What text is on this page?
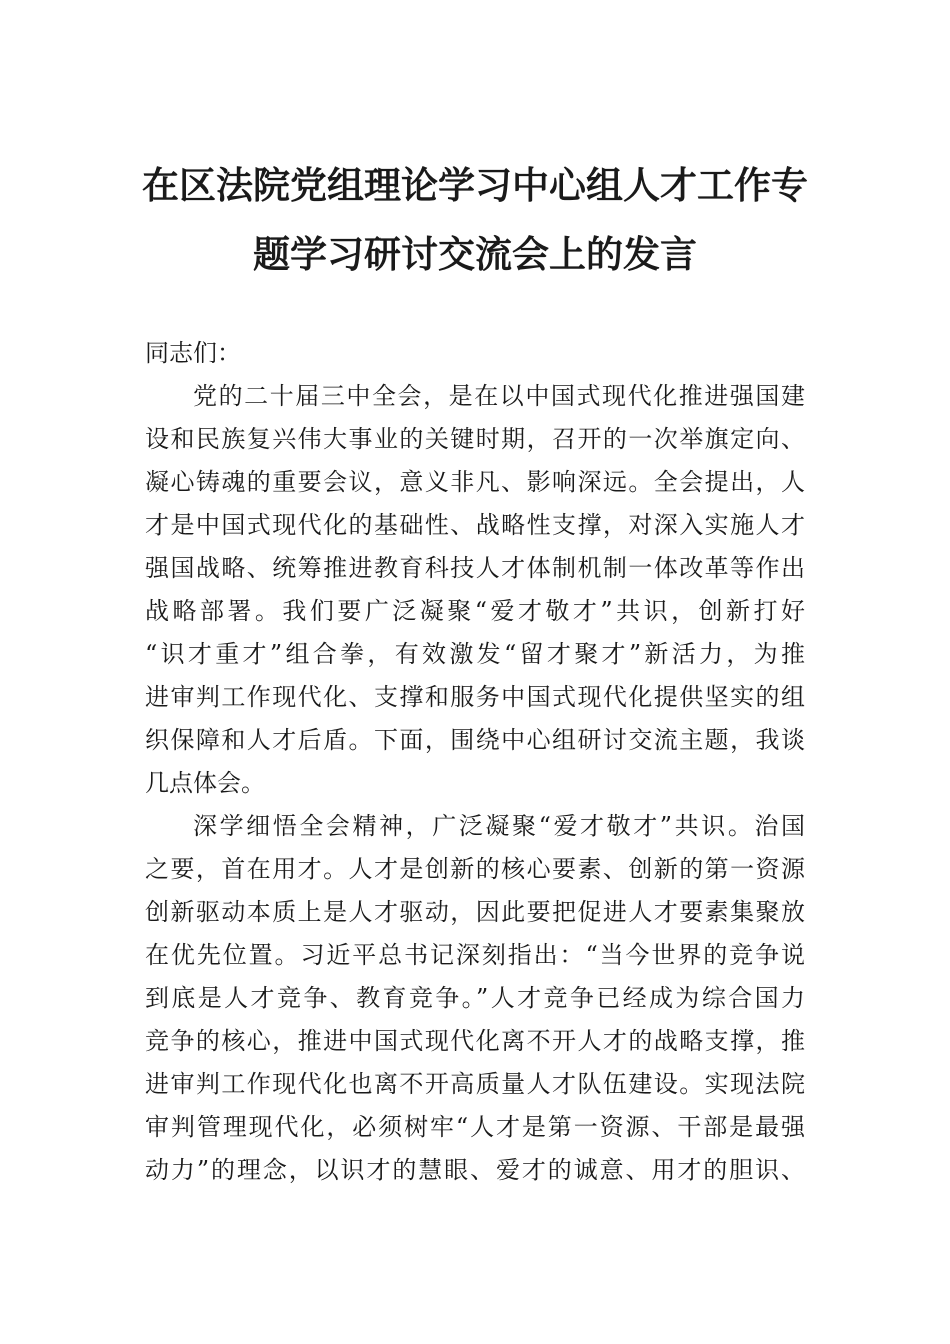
在区法院党组理论学习中心组人才工作专
题学习研讨交流会上的发言

同志们：

党的二十届三中全会，是在以中国式现代化推进强国建

设和民族复兴伟大事业的关键时期，召开的一次举旗定向、

凝心铸魂的重要会议，意义非凡、影响深远。全会提出，人

才是中国式现代化的基础性、战略性支撑，对深入实施人才

强国战略、统筹推进教育科技人才体制机制一体改革等作出

战略部署。我们要广泛凝聚“爱才敬才”共识，创新打好

“识才重才”组合拳，有效激发“留才聚才”新活力，为推

进审判工作现代化、支撑和服务中国式现代化提供坚实的组

织保障和人才后盾。下面，围绕中心组研讨交流主题，我谈

几点体会。

深学细悟全会精神，广泛凝聚“爱才敬才”共识。治国

之要，首在用才。人才是创新的核心要素、创新的第一资源

创新驱动本质上是人才驱动，因此要把促进人才要素集聚放

在优先位置。习近平总书记深刻指出：“当今世界的竞争说

到底是人才竞争、教育竞争。”人才竞争已经成为综合国力

竞争的核心，推进中国式现代化离不开人才的战略支撑，推

进审判工作现代化也离不开高质量人才队伍建设。实现法院

审判管理现代化，必须树牢“人才是第一资源、干部是最强

动力”的理念，以识才的慧眼、爱才的诚意、用才的胆识、
